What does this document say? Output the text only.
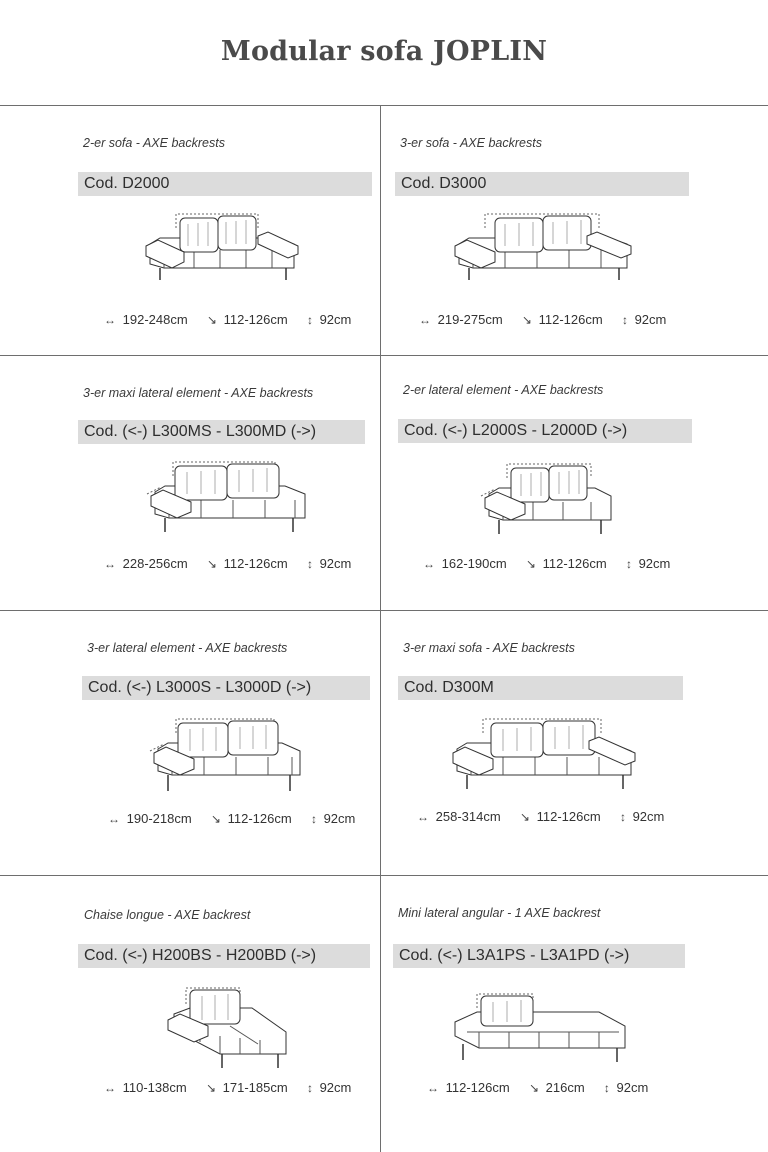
Modular sofa JOPLIN
2-er sofa - AXE backrests
Cod. D2000
↔ 192-248cm ↘ 112-126cm ↕ 92cm
3-er sofa - AXE backrests
Cod. D3000
↔ 219-275cm ↘ 112-126cm ↕ 92cm
3-er maxi lateral element - AXE backrests
Cod. (<-) L300MS - L300MD (->)
↔ 228-256cm ↘ 112-126cm ↕ 92cm
2-er lateral element - AXE backrests
Cod. (<-) L2000S - L2000D (->)
↔ 162-190cm ↘ 112-126cm ↕ 92cm
3-er lateral element - AXE backrests
Cod. (<-) L3000S - L3000D (->)
↔ 190-218cm ↘ 112-126cm ↕ 92cm
3-er maxi sofa - AXE backrests
Cod. D300M
↔ 258-314cm ↘ 112-126cm ↕ 92cm
Chaise longue - AXE backrest
Cod. (<-) H200BS - H200BD (->)
↔ 110-138cm ↘ 171-185cm ↕ 92cm
Mini lateral angular - 1 AXE backrest
Cod. (<-) L3A1PS - L3A1PD (->)
↔ 112-126cm ↘ 216cm ↕ 92cm
